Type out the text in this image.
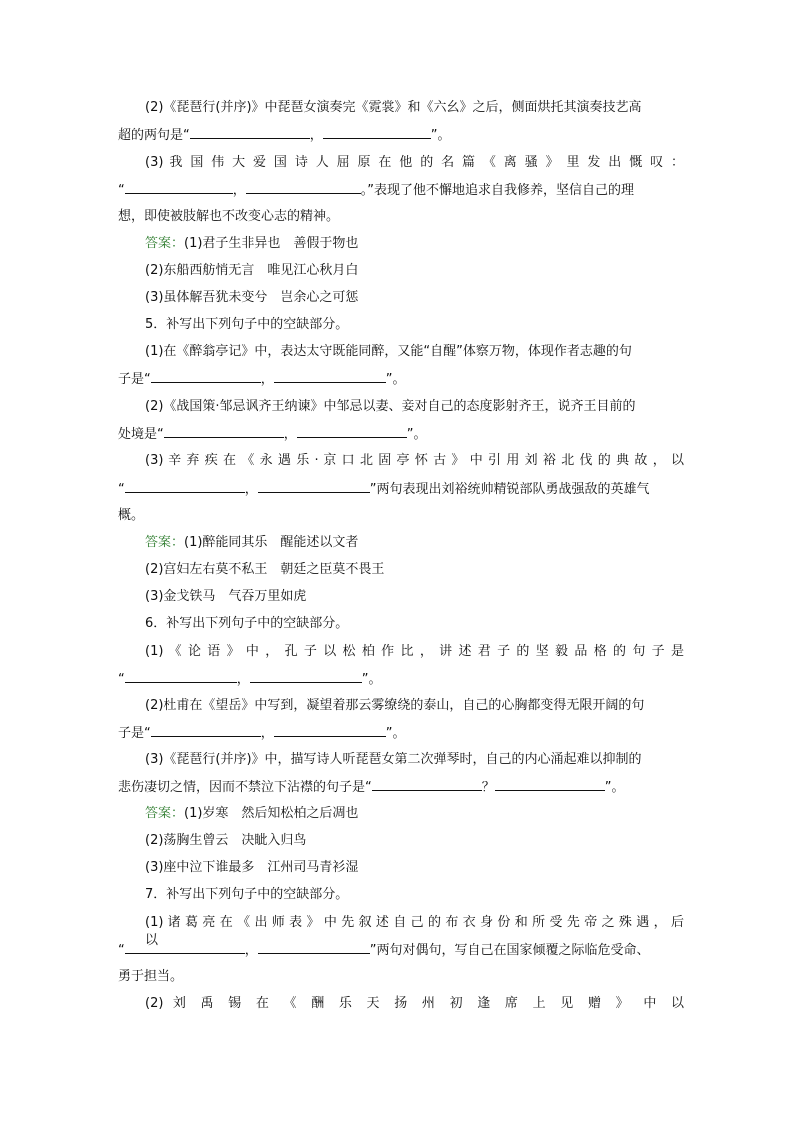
(2)《琵琶行(并序)》中琵琶女演奏完《霓裳》和《六幺》之后，侧面烘托其演奏技艺高
超的两句是“	，	”。
(3) 我 国 伟 大 爱 国 诗 人 屈 原 在 他 的 名 篇 《 离 骚 》 里 发 出 慨 叹 ：
“	，	。”表现了他不懈地追求自我修养，坚信自己的理
想，即使被肢解也不改变心志的精神。
答案：(1)君子生非异也　善假于物也
(2)东船西舫悄无言　唯见江心秋月白
(3)虽体解吾犹未变兮　岂余心之可惩
5．补写出下列句子中的空缺部分。
(1)在《醉翁亭记》中，表达太守既能同醉，又能“自醒”体察万物，体现作者志趣的句
子是“	，	”。
(2)《战国策·邹忌讽齐王纳谏》中邹忌以妻、妾对自己的态度影射齐王，说齐王目前的
处境是“	，	”。
(3) 辛 弃 疾 在 《 永 遇 乐 · 京 口 北 固 亭 怀 古 》 中 引 用 刘 裕 北 伐 的 典 故 ， 以
“	，	”两句表现出刘裕统帅精锐部队勇战强敌的英雄气
概。
答案：(1)醉能同其乐　醒能述以文者
(2)宫妇左右莫不私王　朝廷之臣莫不畏王
(3)金戈铁马　气吞万里如虎
6．补写出下列句子中的空缺部分。
(1) 《 论 语 》 中 ， 孔 子 以 松 柏 作 比 ， 讲 述 君 子 的 坚 毅 品 格 的 句 子 是
“	，	”。
(2)杜甫在《望岳》中写到，凝望着那云雾缭绕的泰山，自己的心胸都变得无限开阔的句
子是“	，	”。
(3)《琵琶行(并序)》中，描写诗人听琵琶女第二次弹琴时，自己的内心涌起难以抑制的
悲伤凄切之情，因而不禁泣下沾襟的句子是“	？	”。
答案：(1)岁寒　然后知松柏之后凋也
(2)荡胸生曾云　决眦入归鸟
(3)座中泣下谁最多　江州司马青衫湿
7．补写出下列句子中的空缺部分。
(1) 诸 葛 亮 在 《 出 师 表 》 中 先 叙 述 自 己 的 布 衣 身 份 和 所 受 先 帝 之 殊 遇 ， 后 以
“	，	”两句对偶句，写自己在国家倾覆之际临危受命、
勇于担当。
(2) 刘 禹 锡 在 《 酬 乐 天 扬 州 初 逢 席 上 见 赠 》 中 以
